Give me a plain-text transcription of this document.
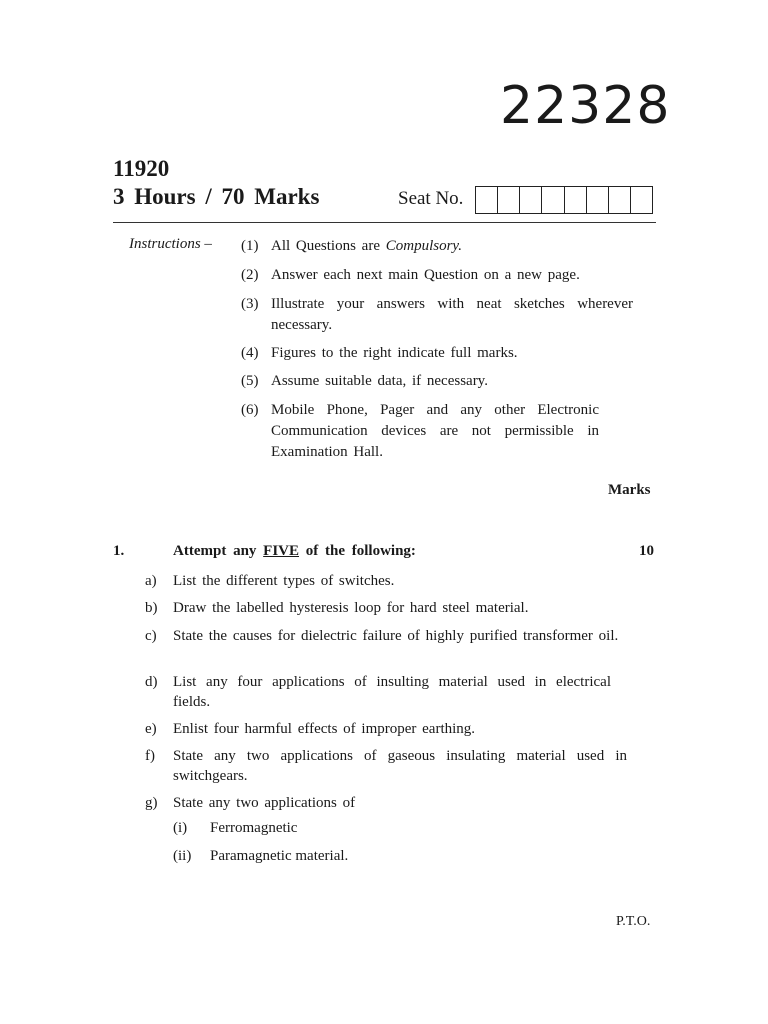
22328
11920
3 Hours / 70 Marks	Seat No.
Instructions – (1) All Questions are Compulsory.
(2) Answer each next main Question on a new page.
(3) Illustrate your answers with neat sketches wherever necessary.
(4) Figures to the right indicate full marks.
(5) Assume suitable data, if necessary.
(6) Mobile Phone, Pager and any other Electronic Communication devices are not permissible in Examination Hall.
Marks
1.	Attempt any FIVE of the following:	10
a) List the different types of switches.
b) Draw the labelled hysteresis loop for hard steel material.
c) State the causes for dielectric failure of highly purified transformer oil.
d) List any four applications of insulting material used in electrical fields.
e) Enlist four harmful effects of improper earthing.
f) State any two applications of gaseous insulating material used in switchgears.
g) State any two applications of
(i) Ferromagnetic
(ii) Paramagnetic material.
P.T.O.
